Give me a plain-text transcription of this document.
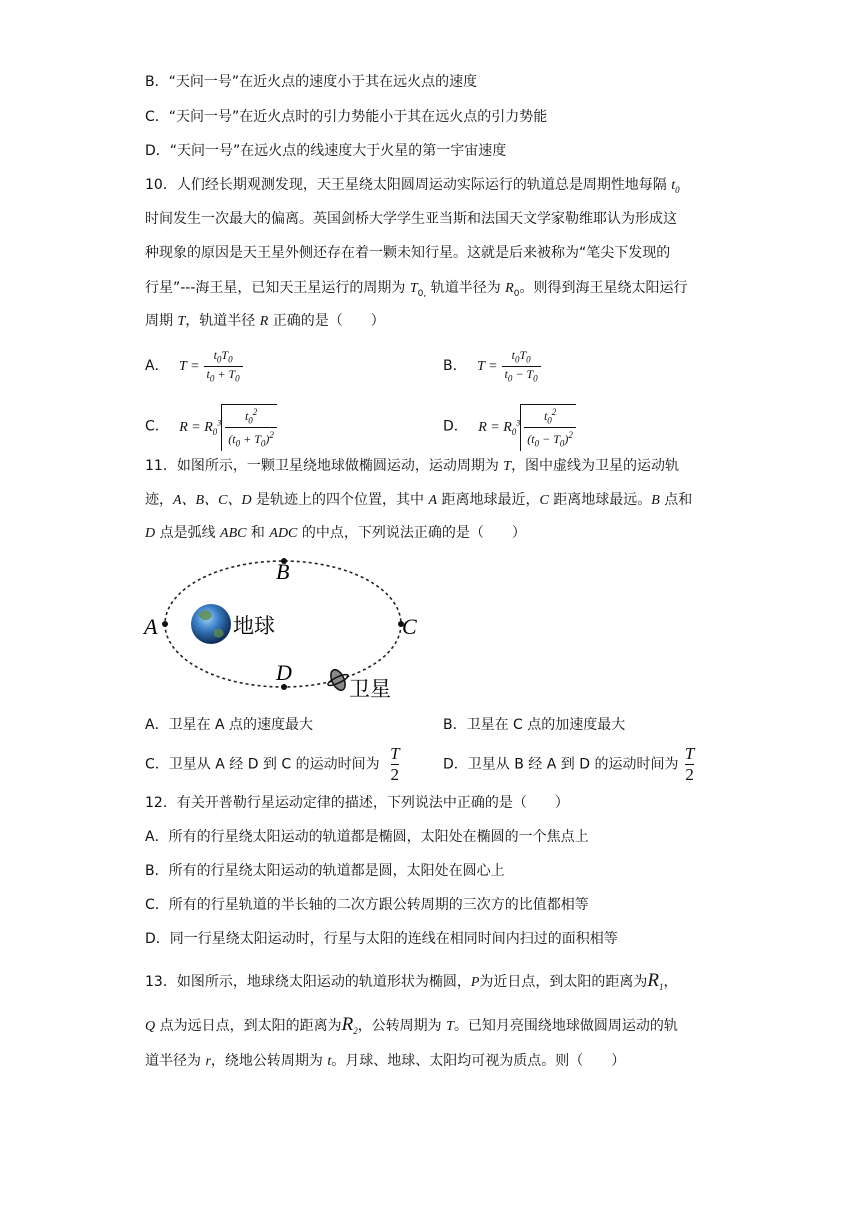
B．“天问一号”在近火点的速度小于其在远火点的速度
C．“天问一号”在近火点时的引力势能小于其在远火点的引力势能
D．“天问一号”在远火点的线速度大于火星的第一宇宙速度
10．人们经长期观测发现，天王星绕太阳圆周运动实际运行的轨道总是周期性地每隔 $t_0$
时间发生一次最大的偏离。英国剑桥大学学生亚当斯和法国天文学家勒维耶认为形成这
种现象的原因是天王星外侧还存在着一颗未知行星。这就是后来被称为“笔尖下发现的
行星”---海王星，已知天王星运行的周期为 $T_{0,}$ 轨道半径为 $R_0$。则得到海王星绕太阳运行
周期 T，轨道半径 R 正确的是（　　）
A． $T = \frac{t_0T_0}{t_0 + T_0}$	B． $T = \frac{t_0T_0}{t_0 - T_0}$
C． $R = R_0^3 \frac{t_0^2}{(t_0 + T_0)^2}$	D． $R = R_0^3 \frac{t_0^2}{(t_0 - T_0)^2}$
11．如图所示，一颗卫星绕地球做椭圆运动，运动周期为 T，图中虚线为卫星的运动轨
迹，A、B、C、D 是轨迹上的四个位置，其中 A 距离地球最近，C 距离地球最远。B 点和
D 点是弧线 ABC 和 ADC 的中点，下列说法正确的是（　　）
B
A	C
D
地球
卫星
A．卫星在 A 点的速度最大	B．卫星在 C 点的加速度最大
C．卫星从 A 经 D 到 C 的运动时间为 $\frac{T}{2}$	D．卫星从 B 经 A 到 D 的运动时间为 $\frac{T}{2}$
12．有关开普勒行星运动定律的描述，下列说法中正确的是（　　）
A．所有的行星绕太阳运动的轨道都是椭圆，太阳处在椭圆的一个焦点上
B．所有的行星绕太阳运动的轨道都是圆，太阳处在圆心上
C．所有的行星轨道的半长轴的二次方跟公转周期的三次方的比值都相等
D．同一行星绕太阳运动时，行星与太阳的连线在相同时间内扫过的面积相等
13．如图所示，地球绕太阳运动的轨道形状为椭圆，P为近日点，到太阳的距离为$R_1$，
Q 点为远日点，到太阳的距离为$R_2$，公转周期为 T。已知月亮围绕地球做圆周运动的轨
道半径为 r，绕地公转周期为 t。月球、地球、太阳均可视为质点。则（　　）
